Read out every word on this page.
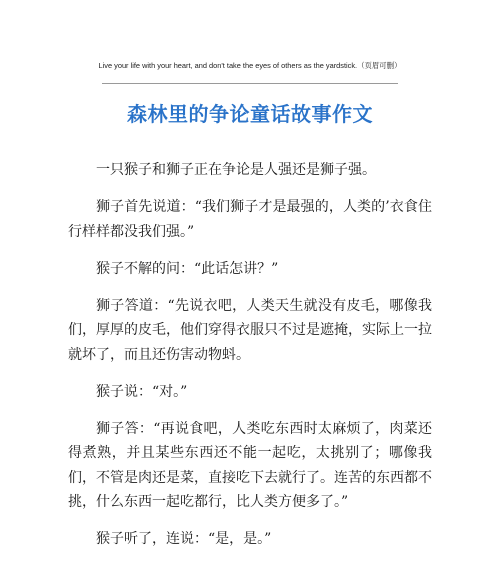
Live your life with your heart, and don't take the eyes of others as the yardstick.（页眉可删）
森林里的争论童话故事作文

一只猴子和狮子正在争论是人强还是狮子强。

狮子首先说道：“我们狮子才是最强的，人类的’衣食住行样样都没我们强。”

猴子不解的问：“此话怎讲？”

狮子答道：“先说衣吧，人类天生就没有皮毛，哪像我们，厚厚的皮毛，他们穿得衣服只不过是遮掩，实际上一拉就坏了，而且还伤害动物蚪。

猴子说：“对。”

狮子答：“再说食吧，人类吃东西时太麻烦了，肉菜还得煮熟，并且某些东西还不能一起吃，太挑别了；哪像我们，不管是肉还是菜，直接吃下去就行了。连苦的东西都不挑，什么东西一起吃都行，比人类方便多了。”

猴子听了，连说：“是，是。”
